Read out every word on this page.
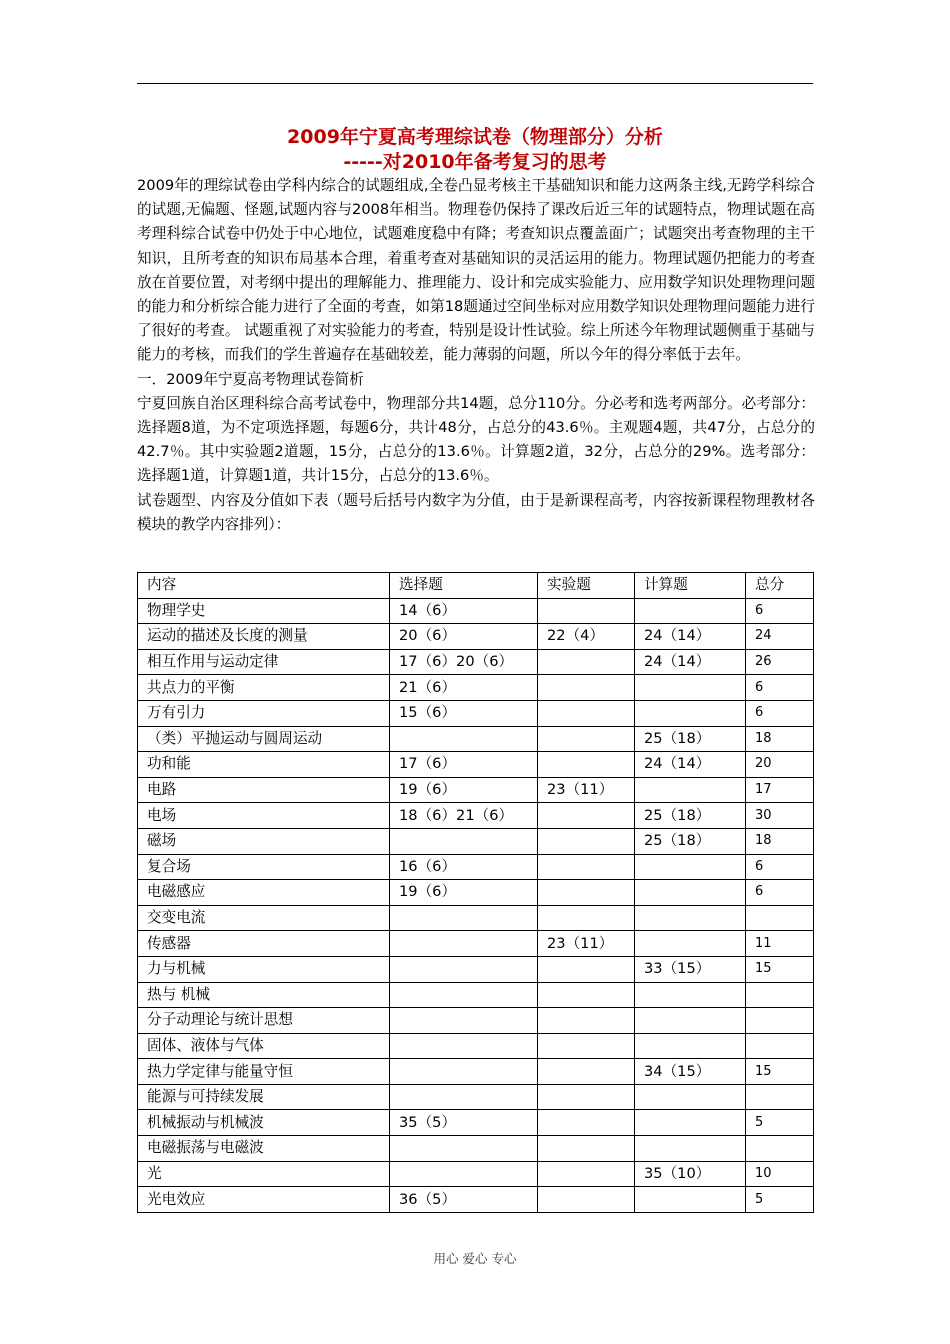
2009年宁夏高考理综试卷（物理部分）分析
-----对2010年备考复习的思考

2009年的理综试卷由学科内综合的试题组成,全卷凸显考核主干基础知识和能力这两条主线,无跨学科综合的试题,无偏题、怪题,试题内容与2008年相当。物理卷仍保持了课改后近三年的试题特点，物理试题在高考理科综合试卷中仍处于中心地位，试题难度稳中有降；考查知识点覆盖面广；试题突出考查物理的主干知识，且所考查的知识布局基本合理，着重考查对基础知识的灵活运用的能力。物理试题仍把能力的考查放在首要位置，对考纲中提出的理解能力、推理能力、设计和完成实验能力、应用数学知识处理物理问题的能力和分析综合能力进行了全面的考查，如第18题通过空间坐标对应用数学知识处理物理问题能力进行了很好的考查。 试题重视了对实验能力的考查，特别是设计性试验。综上所述今年物理试题侧重于基础与能力的考核，而我们的学生普遍存在基础较差，能力薄弱的问题，所以今年的得分率低于去年。

一．2009年宁夏高考物理试卷简析

宁夏回族自治区理科综合高考试卷中，物理部分共14题，总分110分。分必考和选考两部分。必考部分：选择题8道，为不定项选择题，每题6分，共计48分，占总分的43.6％。主观题4题，共47分，占总分的42.7％。其中实验题2道题，15分，占总分的13.6％。计算题2道，32分，占总分的29%。选考部分：选择题1道，计算题1道，共计15分，占总分的13.6％。

试卷题型、内容及分值如下表（题号后括号内数字为分值，由于是新课程高考，内容按新课程物理教材各模块的教学内容排列）：

内容	选择题	实验题	计算题	总分
物理学史	14（6）			6
运动的描述及长度的测量	20（6）	22（4）	24（14）	24
相互作用与运动定律	17（6）20（6）		24（14）	26
共点力的平衡	21（6）			6
万有引力	15（6）			6
（类）平抛运动与圆周运动			25（18）	18
功和能	17（6）		24（14）	20
电路	19（6）	23（11）		17
电场	18（6）21（6）		25（18）	30
磁场			25（18）	18
复合场	16（6）			6
电磁感应	19（6）			6
交变电流				
传感器		23（11）		11
力与机械			33（15）	15
热与 机械				
分子动理论与统计思想				
固体、液体与气体				
热力学定律与能量守恒			34（15）	15
能源与可持续发展				
机械振动与机械波	35（5）			5
电磁振荡与电磁波				
光			35（10）	10
光电效应	36（5）			5
用心 爱心 专心
